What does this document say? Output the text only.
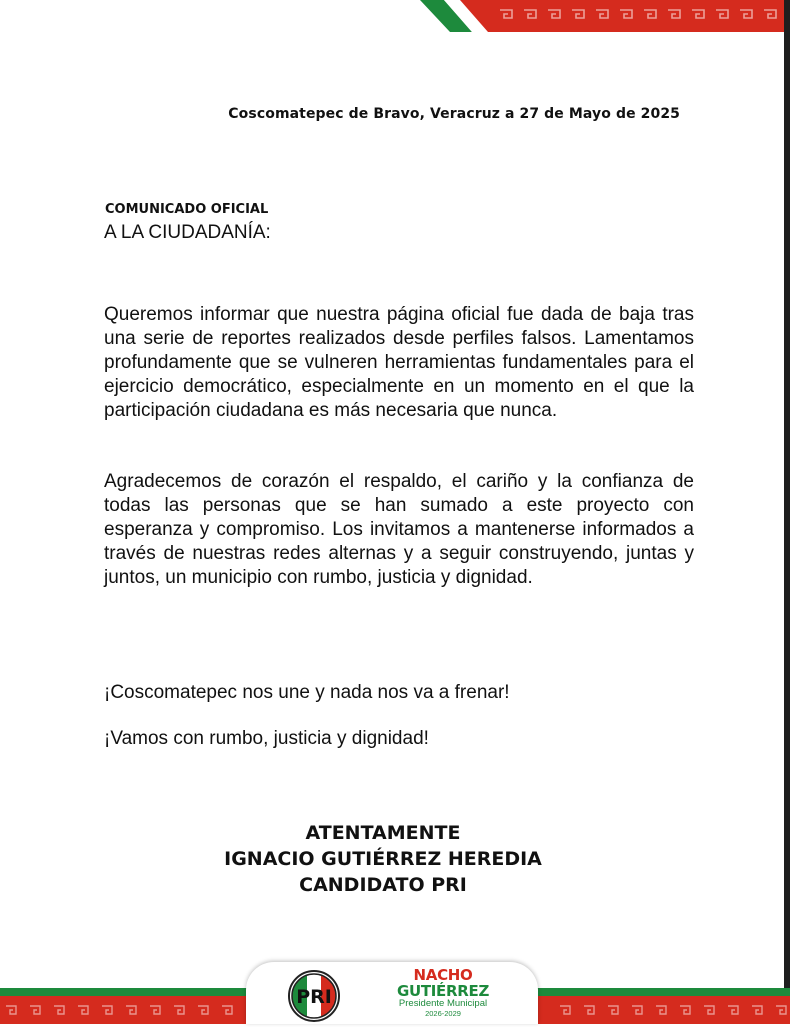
Coscomatepec de Bravo, Veracruz a 27 de Mayo de 2025
COMUNICADO OFICIAL
A LA CIUDADANÍA:
Queremos informar que nuestra página oficial fue dada de baja tras una serie de reportes realizados desde perfiles falsos. Lamentamos profundamente que se vulneren herramientas fundamentales para el ejercicio democrático, especialmente en un momento en el que la participación ciudadana es más necesaria que nunca.
Agradecemos de corazón el respaldo, el cariño y la confianza de todas las personas que se han sumado a este proyecto con esperanza y compromiso. Los invitamos a mantenerse informados a través de nuestras redes alternas y a seguir construyendo, juntas y juntos, un municipio con rumbo, justicia y dignidad.
¡Coscomatepec nos une y nada nos va a frenar!
¡Vamos con rumbo, justicia y dignidad!
ATENTAMENTE
IGNACIO GUTIÉRREZ HEREDIA
CANDIDATO PRI
PRI
NACHO
GUTIÉRREZ
Presidente Municipal
2026-2029
